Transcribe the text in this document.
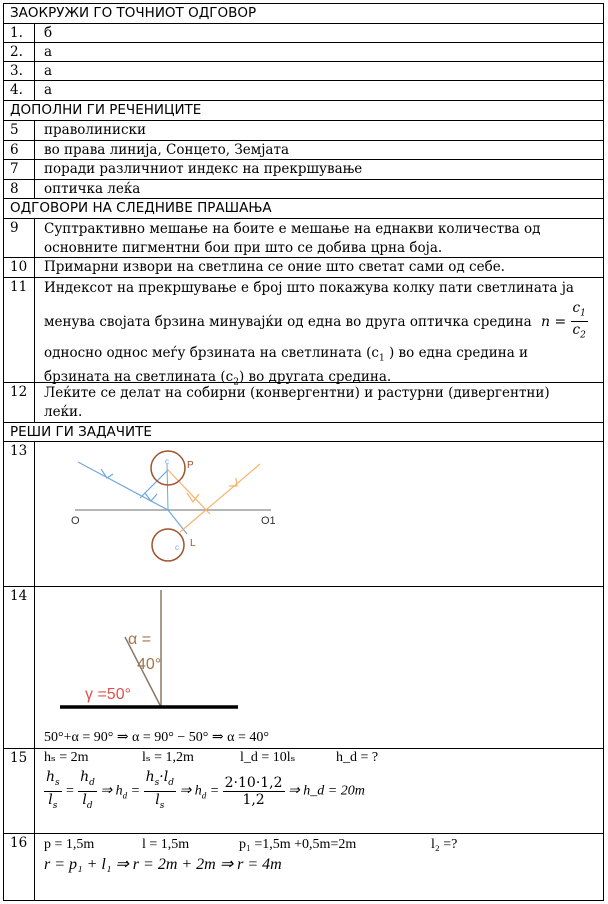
ЗАОКРУЖИ ГО ТОЧНИОТ ОДГОВОР
1.	б
2.	а
3.	а
4.	а
ДОПОЛНИ ГИ РЕЧЕНИЦИТЕ
5	праволиниски
6	во права линија, Сонцето, Земјата
7	поради различниот индекс на прекршување
8	оптичка леќа
ОДГОВОРИ НА СЛЕДНИВЕ ПРАШАЊА
9	Суптрактивно мешање на боите е мешање на еднакви количества од
основните пигментни бои при што се добива црна боја.
10	Примарни извори на светлина се оние што светат сами од себе.
11	Индексот на прекршување е број што покажува колку пати светлината ја
менува својата брзина минувајќи од една во друга оптичка средина $n = \frac{c_1}{c_2}$
односно однос меѓу брзината на светлината ($c_1$ ) во една средина и
брзината на светлината $(c_2)$ во другата средина.
12	Леќите се делат на собирни (конвергентни) и растурни (дивергентни)
леќи.
РЕШИ ГИ ЗАДАЧИТЕ
13
c
c
P
L
O	O1
14
α =
40°
γ =50°
50°+α = 90° ⇒ α = 90° − 50° ⇒ α = 40°
15	hₛ = 2m	lₛ = 1,2m	l_d = 10lₛ	h_d = ?
$\frac{h_s}{l_s} = \frac{h_d}{l_d}$ ⇒ $h_d = \frac{h_s\cdot l_d}{l_s}$ ⇒ $h_d = \frac{2\cdot 10\cdot 1,2}{1,2}$ ⇒ h_d = 20m
16	p = 1,5m	l = 1,5m	p₁ =1,5m +0,5m=2m	l₂ =?
r = p₁ + l₁ ⇒ r = 2m + 2m ⇒ r = 4m
